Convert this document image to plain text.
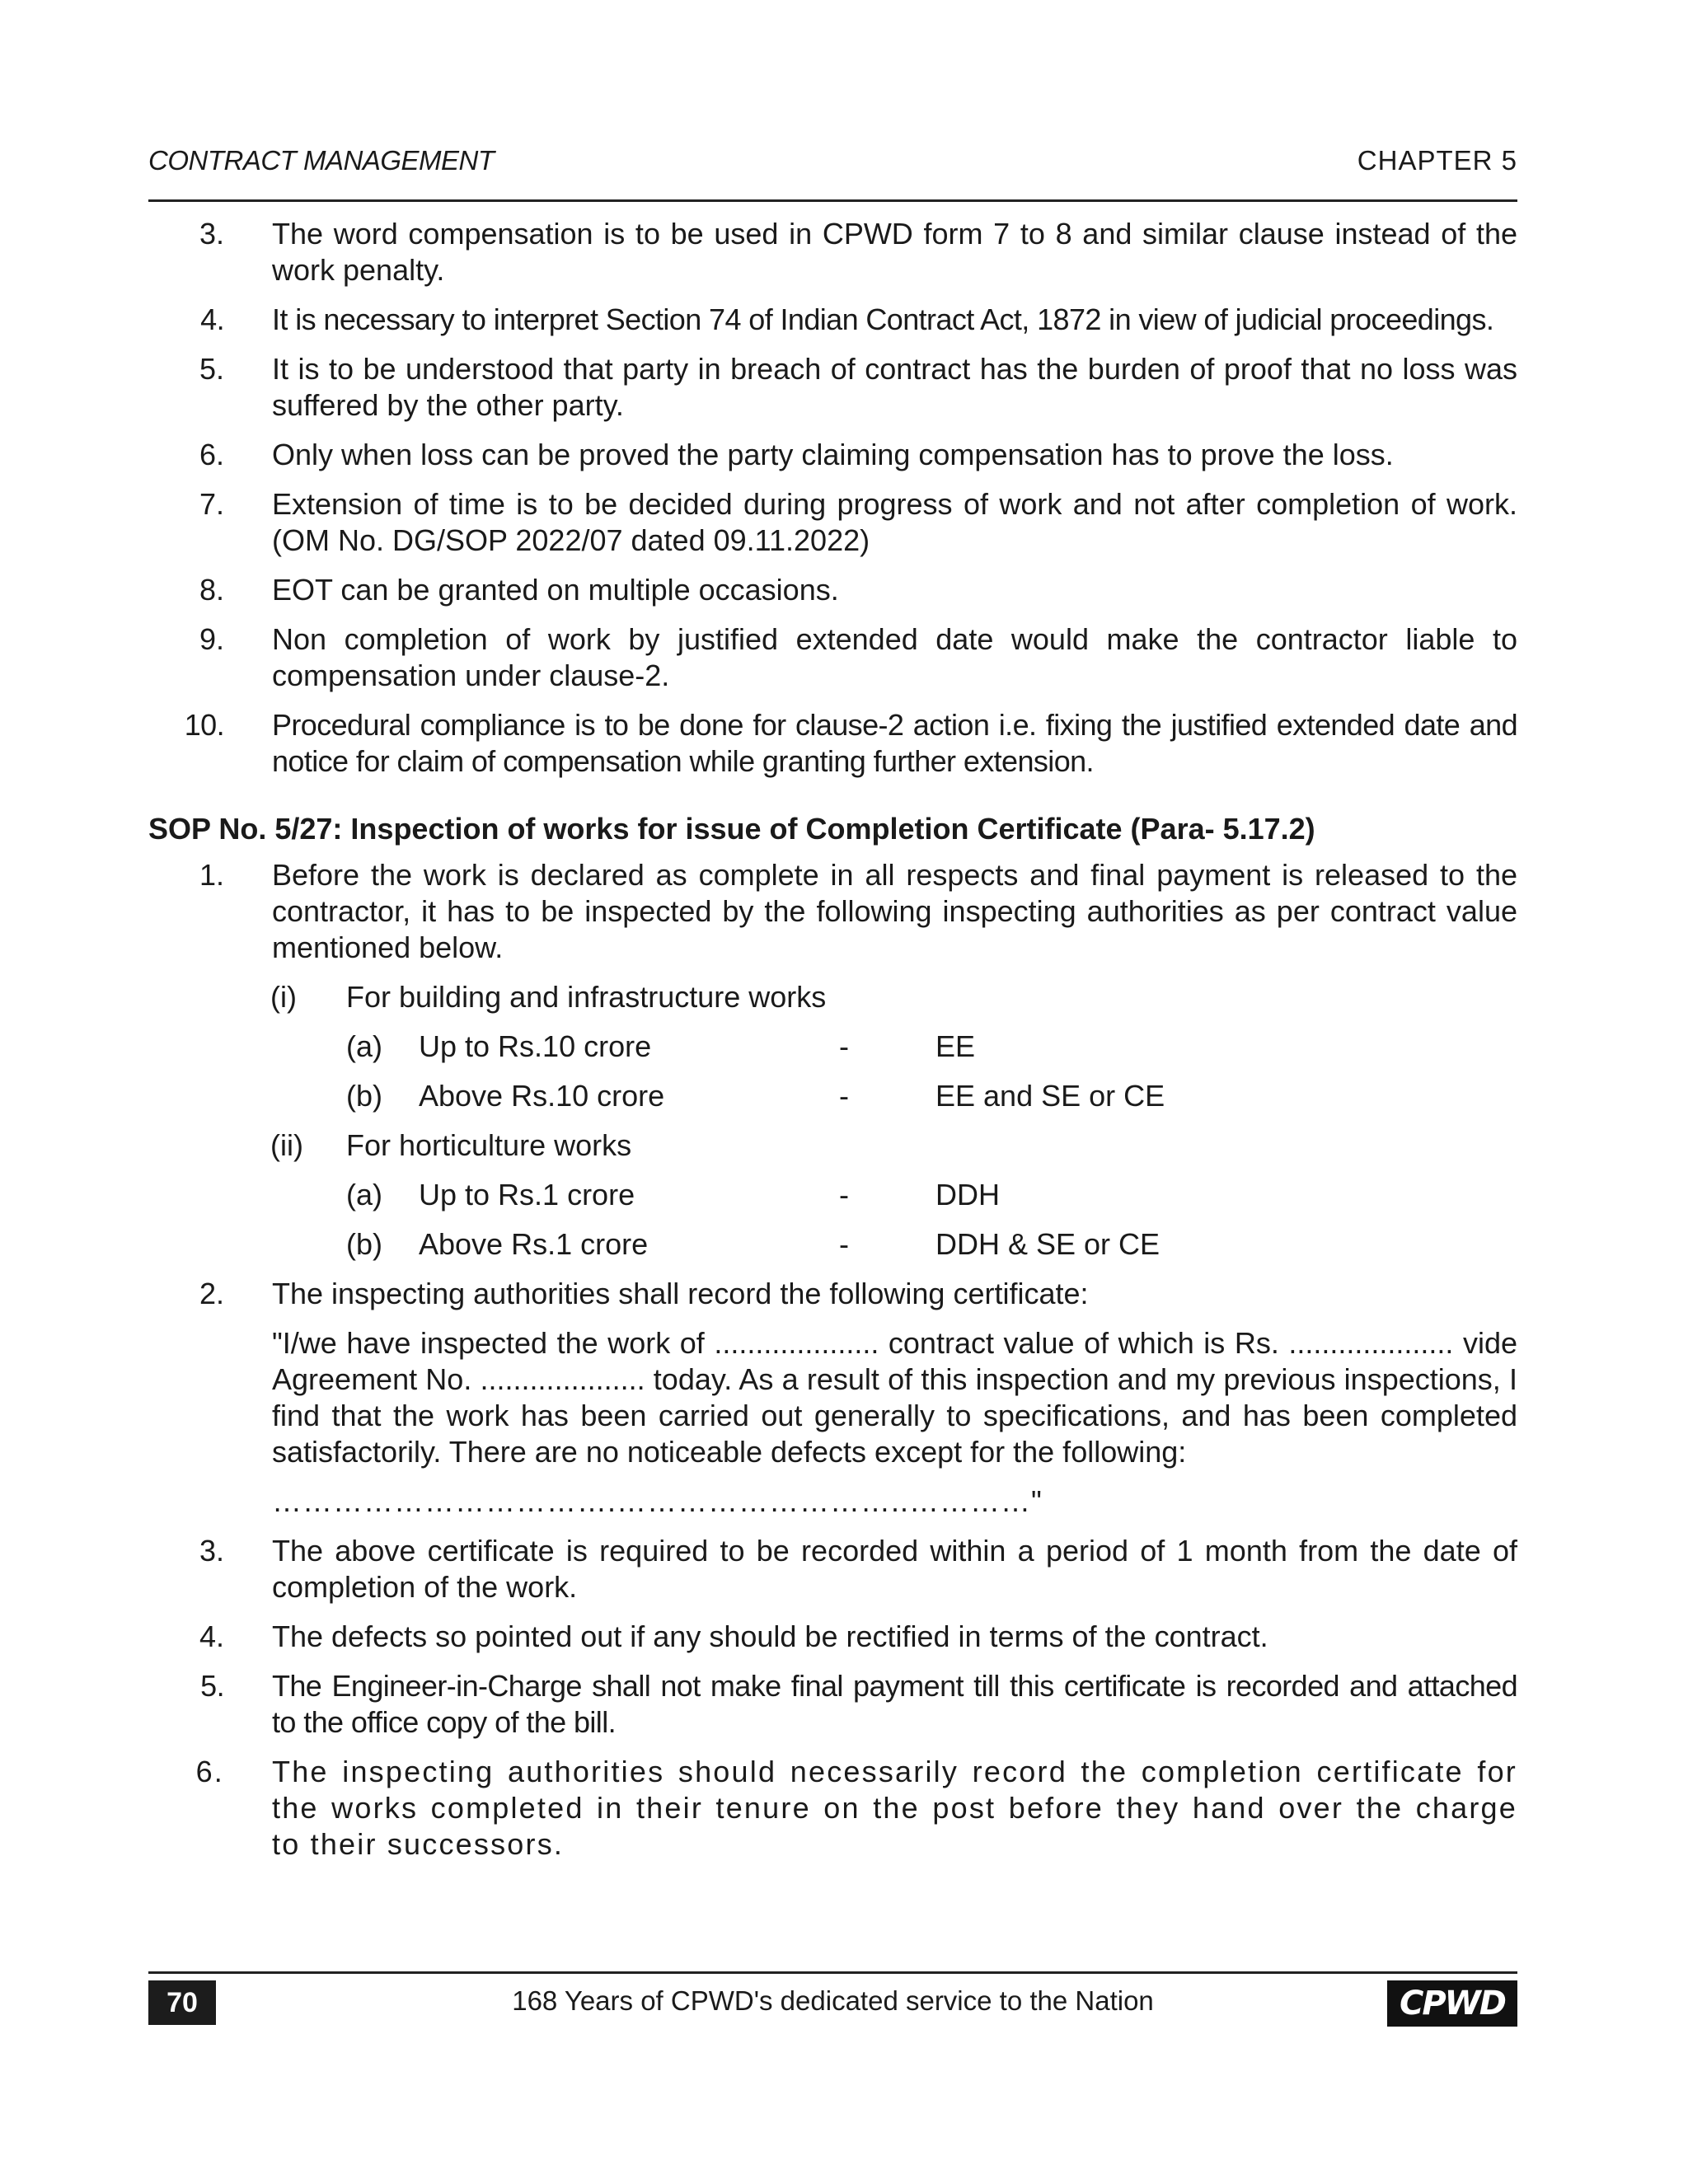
CONTRACT MANAGEMENT	CHAPTER 5
3. The word compensation is to be used in CPWD form 7 to 8 and similar clause instead of the work penalty.
4. It is necessary to interpret Section 74 of Indian Contract Act, 1872 in view of judicial proceedings.
5. It is to be understood that party in breach of contract has the burden of proof that no loss was suffered by the other party.
6. Only when loss can be proved the party claiming compensation has to prove the loss.
7. Extension of time is to be decided during progress of work and not after completion of work. (OM No. DG/SOP 2022/07 dated 09.11.2022)
8. EOT can be granted on multiple occasions.
9. Non completion of work by justified extended date would make the contractor liable to compensation under clause-2.
10. Procedural compliance is to be done for clause-2 action i.e. fixing the justified extended date and notice for claim of compensation while granting further extension.
SOP No. 5/27: Inspection of works for issue of Completion Certificate (Para- 5.17.2)
1. Before the work is declared as complete in all respects and final payment is released to the contractor, it has to be inspected by the following inspecting authorities as per contract value mentioned below.
(i) For building and infrastructure works
(a) Up to Rs.10 crore	-	EE
(b) Above Rs.10 crore	-	EE and SE or CE
(ii) For horticulture works
(a) Up to Rs.1 crore	-	DDH
(b) Above Rs.1 crore	-	DDH & SE or CE
2. The inspecting authorities shall record the following certificate:
"I/we have inspected the work of .................... contract value of which is Rs. .................... vide Agreement No. .................... today. As a result of this inspection and my previous inspections, I find that the work has been carried out generally to specifications, and has been completed satisfactorily. There are no noticeable defects except for the following:
…………………………….………………………..…………"
3. The above certificate is required to be recorded within a period of 1 month from the date of completion of the work.
4. The defects so pointed out if any should be rectified in terms of the contract.
5. The Engineer-in-Charge shall not make final payment till this certificate is recorded and attached to the office copy of the bill.
6. The inspecting authorities should necessarily record the completion certificate for the works completed in their tenure on the post before they hand over the charge to their successors.
70	168 Years of CPWD's dedicated service to the Nation	CPWD
